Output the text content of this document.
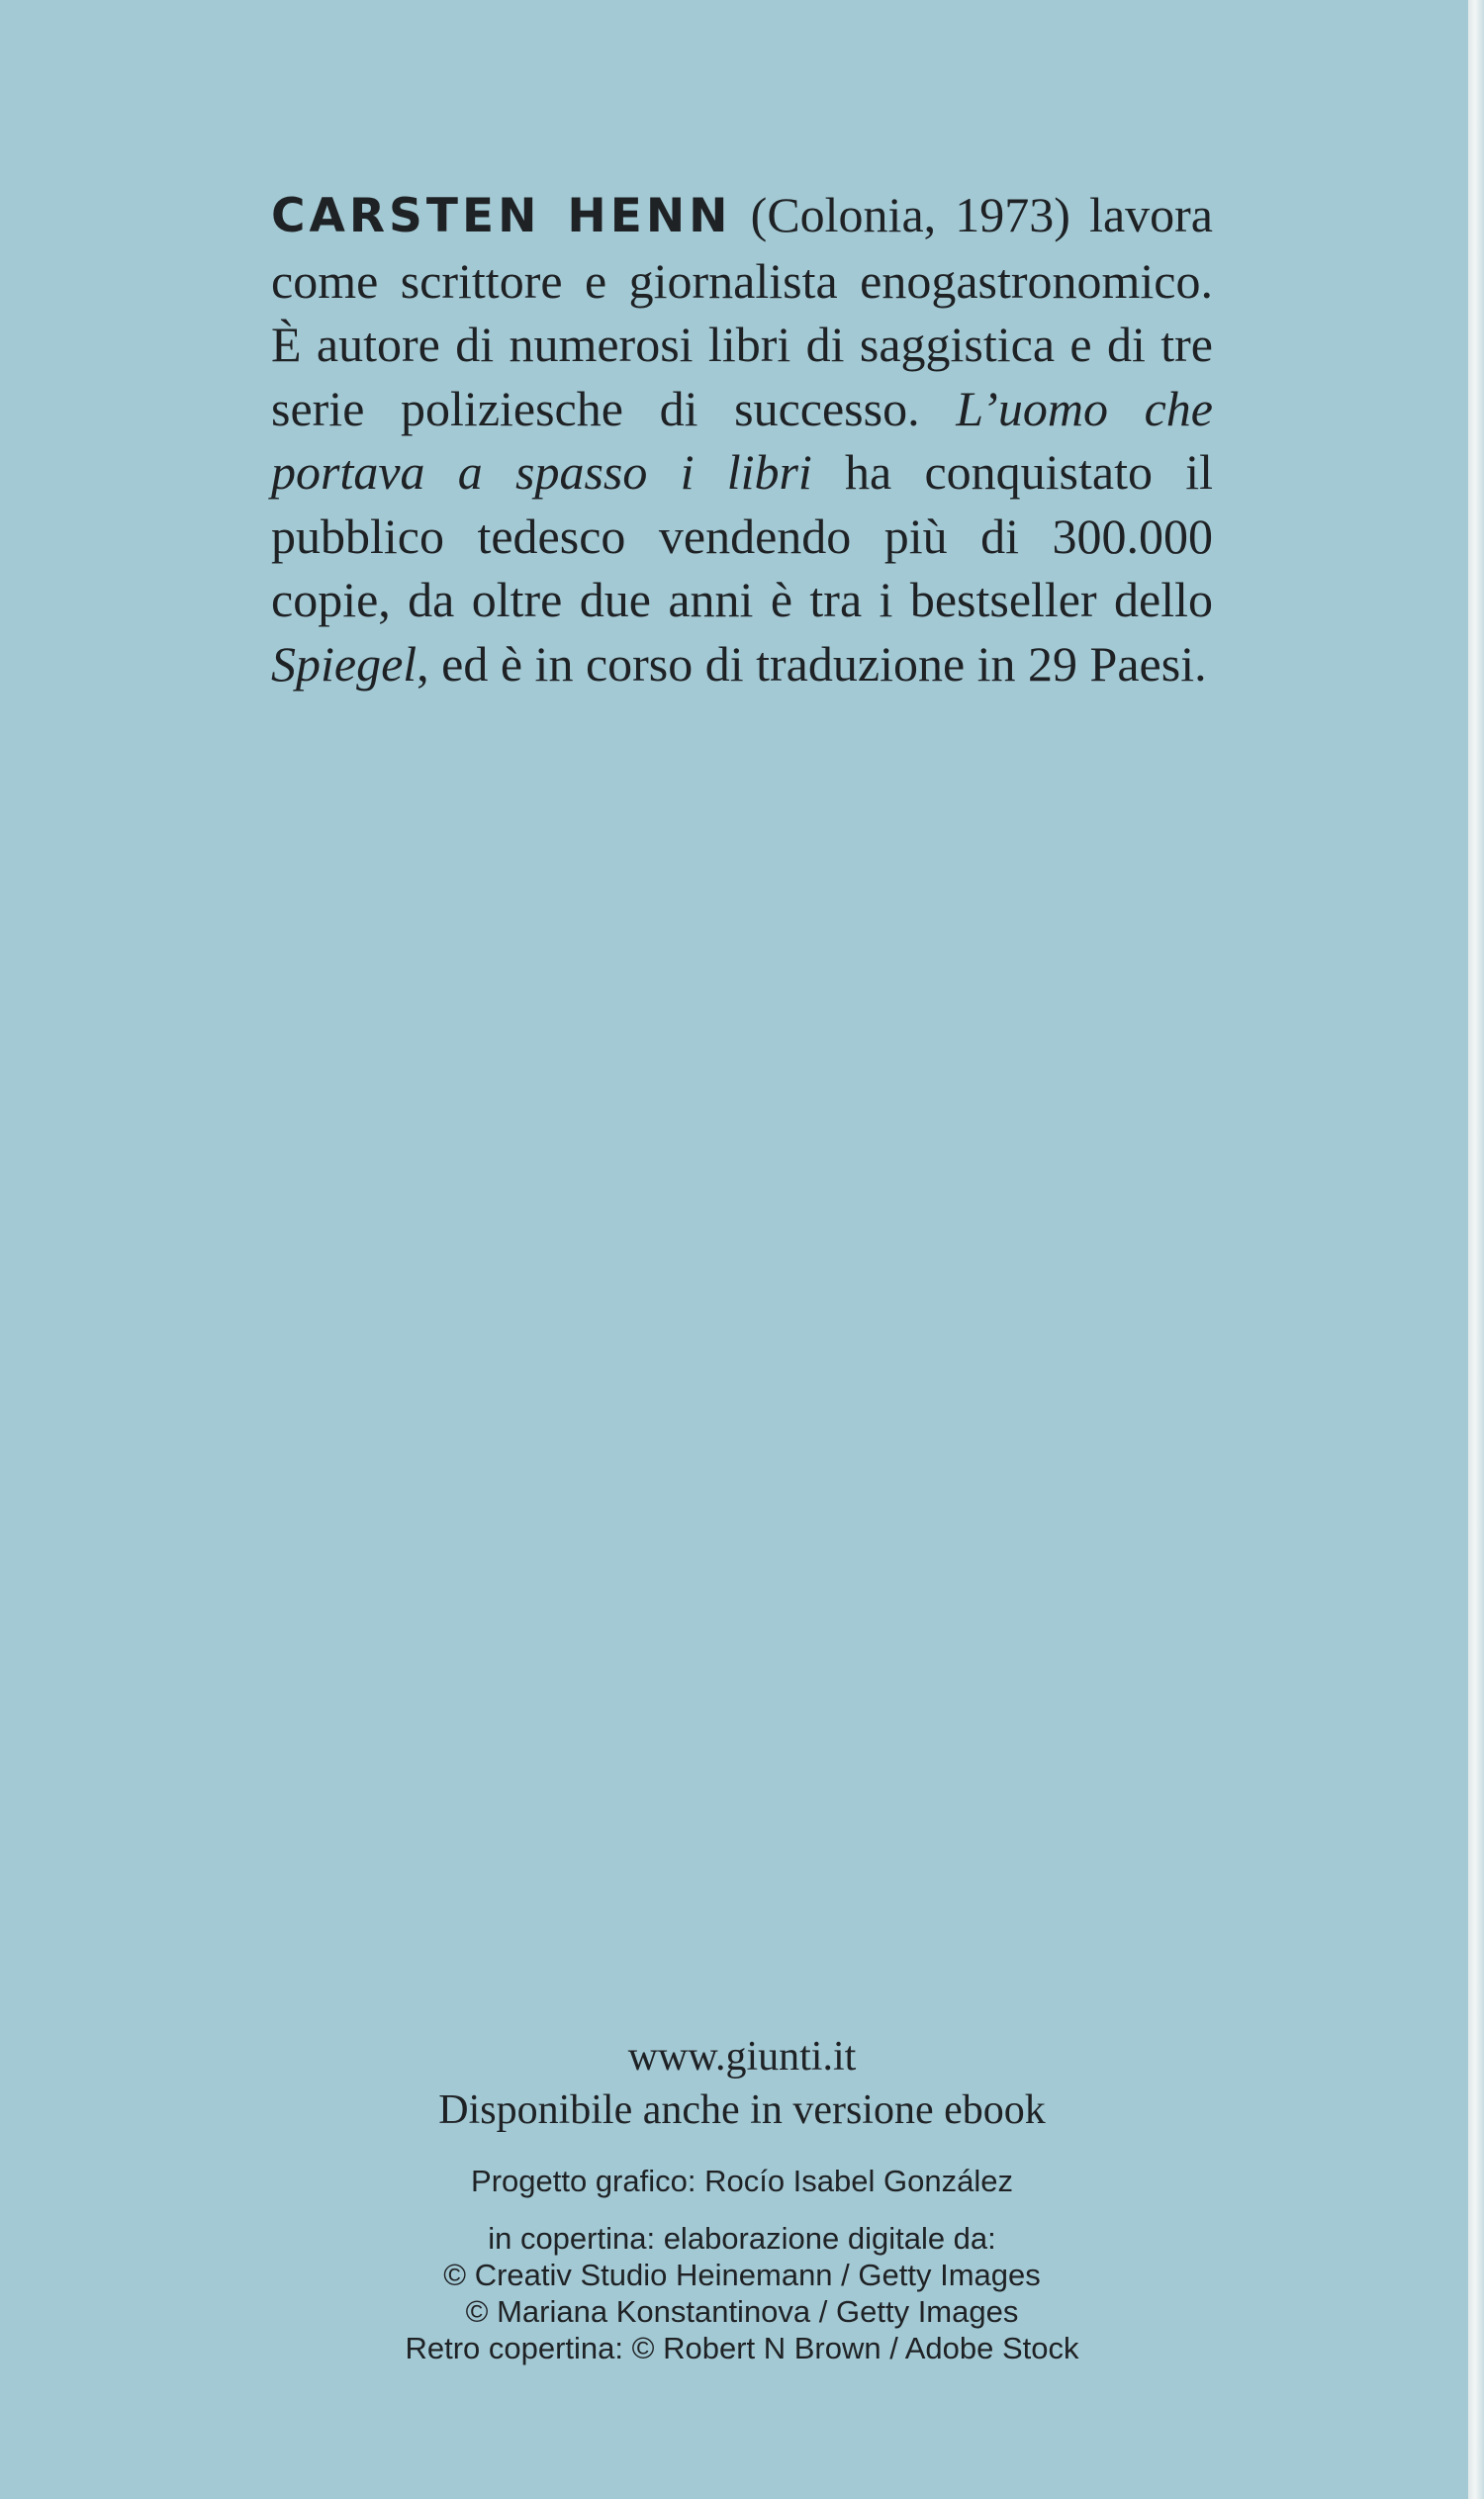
CARSTEN HENN (Colonia, 1973) lavora come scrittore e giornalista enogastronomico. È autore di numerosi libri di saggistica e di tre serie poliziesche di successo. L’uomo che portava a spasso i libri ha conquistato il pubblico tedesco vendendo più di 300.000 copie, da oltre due anni è tra i bestseller dello Spiegel, ed è in corso di traduzione in 29 Paesi.

www.giunti.it
Disponibile anche in versione ebook
Progetto grafico: Rocío Isabel González
in copertina: elaborazione digitale da:
© Creativ Studio Heinemann / Getty Images
© Mariana Konstantinova / Getty Images
Retro copertina: © Robert N Brown / Adobe Stock
